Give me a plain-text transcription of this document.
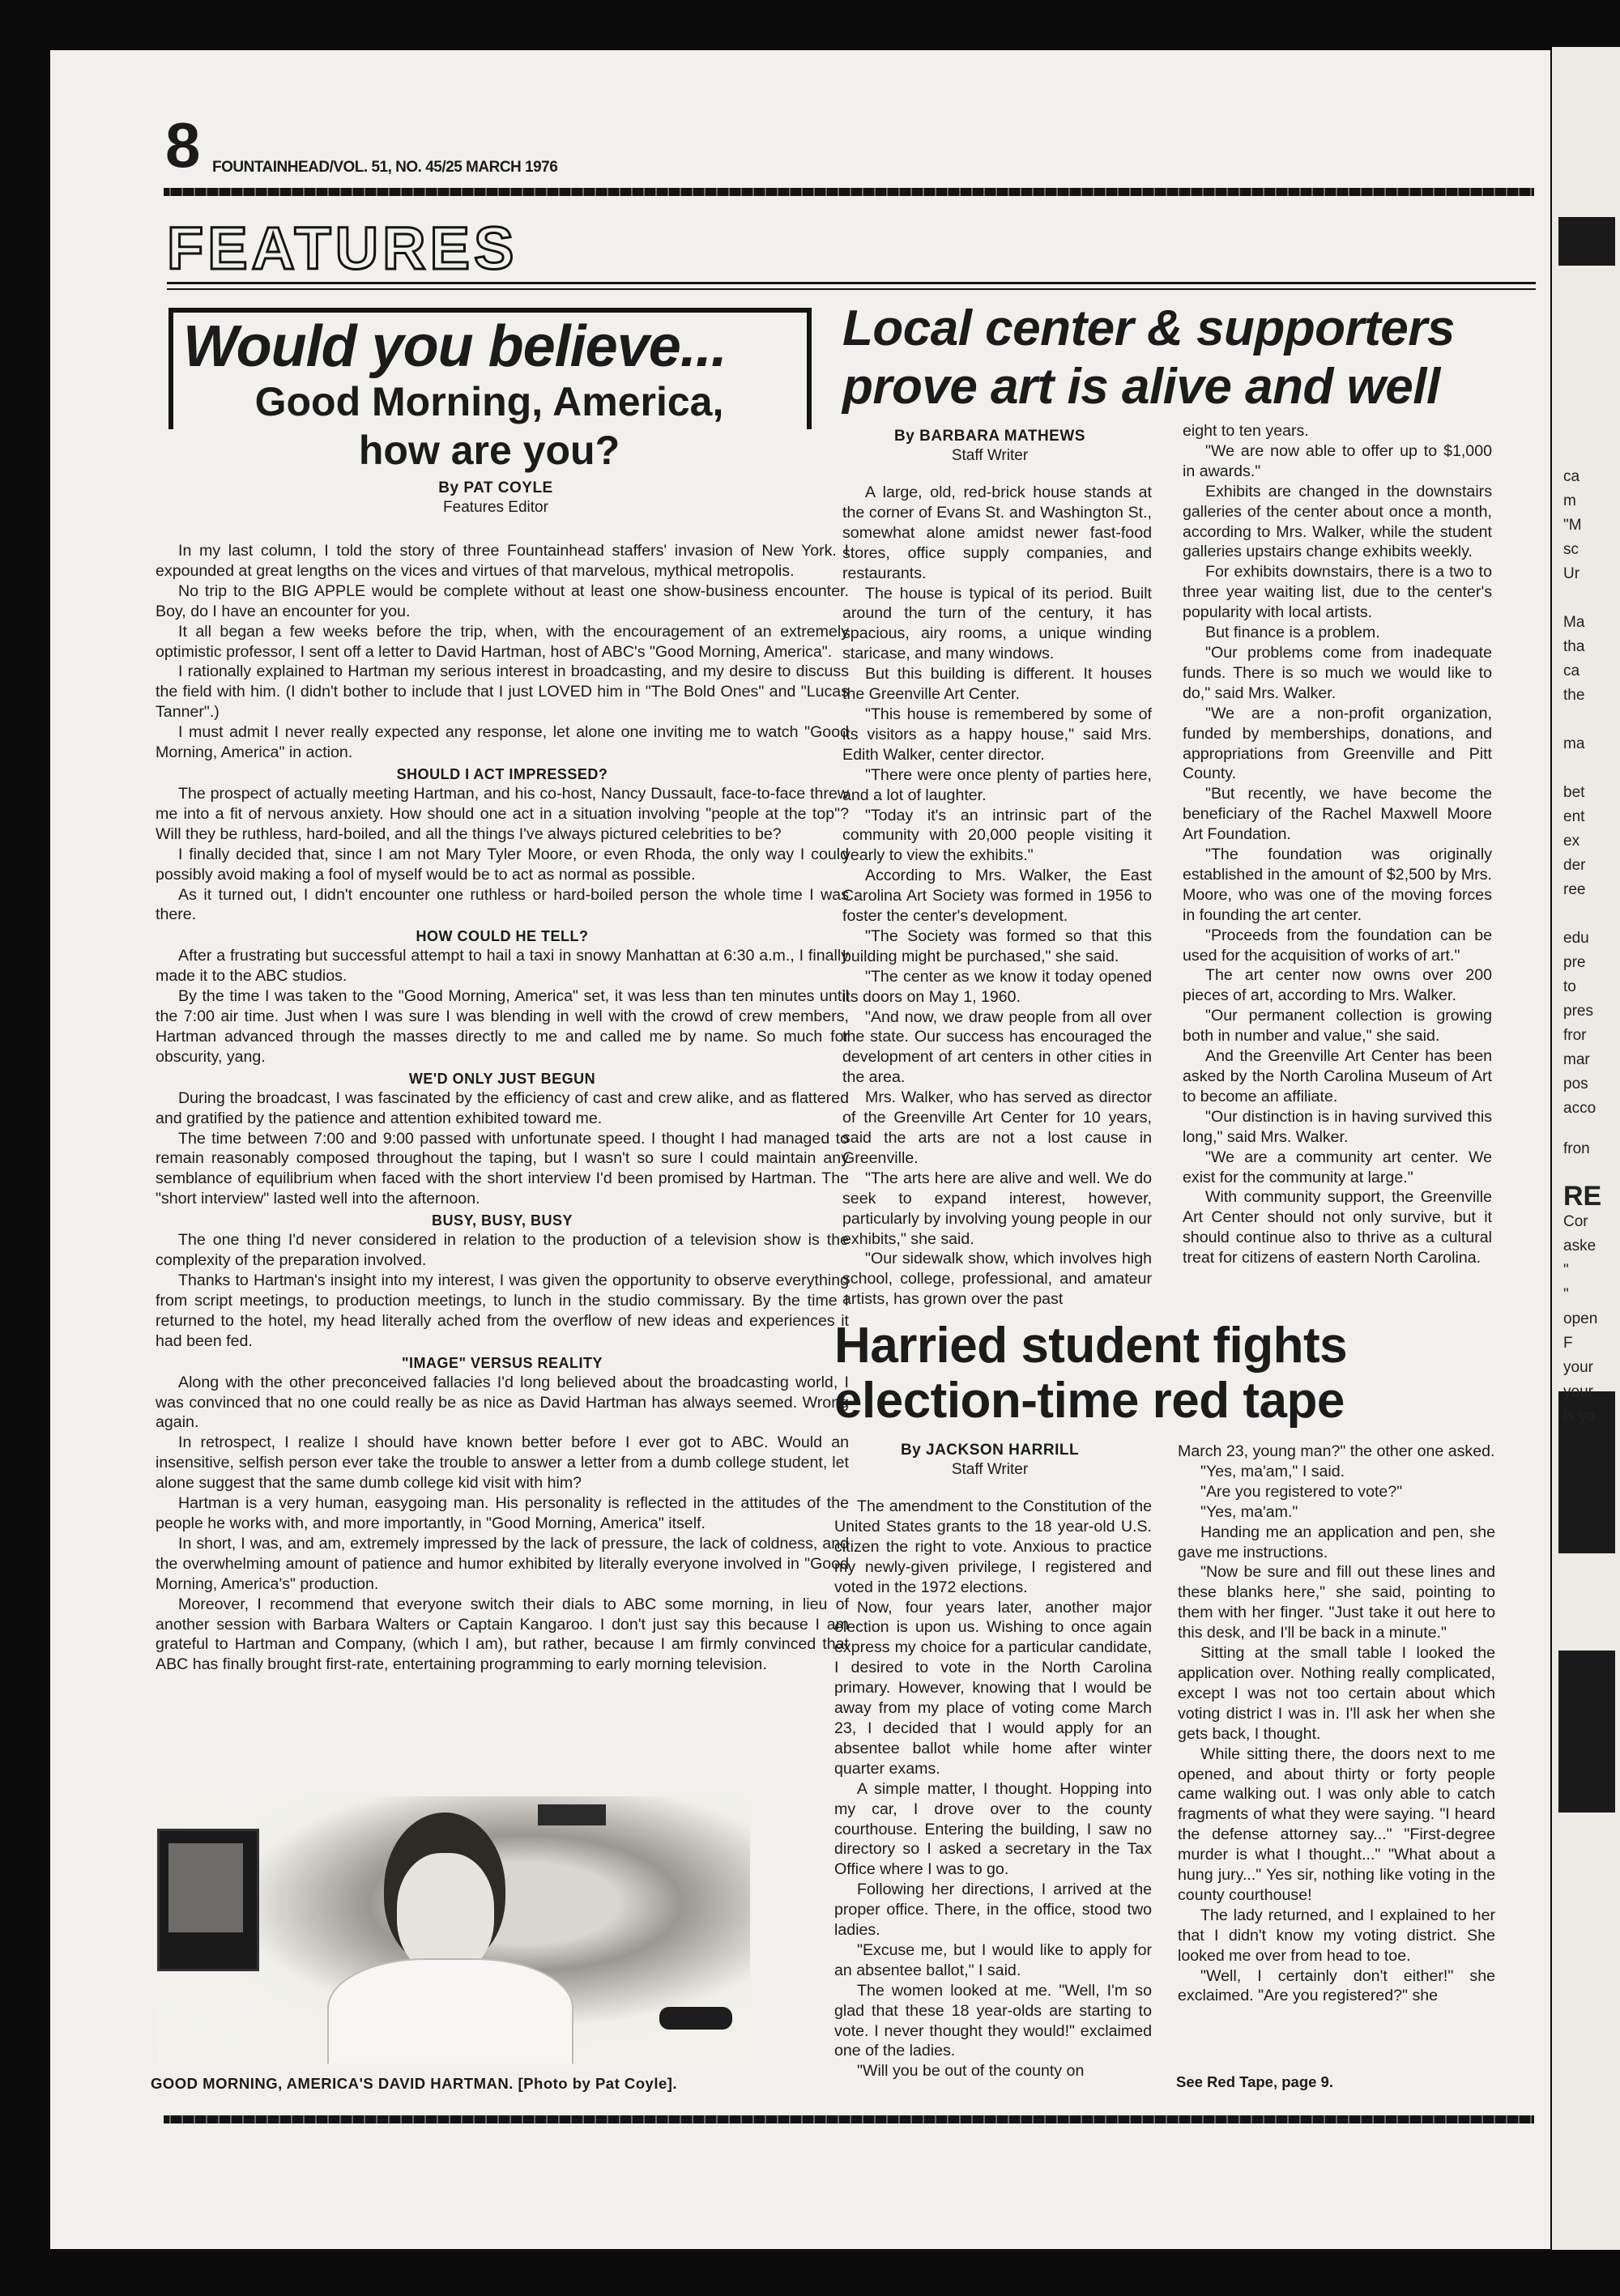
8 FOUNTAINHEAD/VOL. 51, NO. 45/25 MARCH 1976
FEATURES
Would you believe...
Good Morning, America, how are you?
By PAT COYLE
Features Editor

In my last column, I told the story of three Fountainhead staffers' invasion of New York. I expounded at great lengths on the vices and virtues of that marvelous, mythical metropolis.

No trip to the BIG APPLE would be complete without at least one show-business encounter. Boy, do I have an encounter for you.

It all began a few weeks before the trip, when, with the encouragement of an extremely optimistic professor, I sent off a letter to David Hartman, host of ABC's "Good Morning, America".

I rationally explained to Hartman my serious interest in broadcasting, and my desire to discuss the field with him. (I didn't bother to include that I just LOVED him in "The Bold Ones" and "Lucas Tanner".)

I must admit I never really expected any response, let alone one inviting me to watch "Good Morning, America" in action.

SHOULD I ACT IMPRESSED?

The prospect of actually meeting Hartman, and his co-host, Nancy Dussault, face-to-face threw me into a fit of nervous anxiety. How should one act in a situation involving "people at the top"? Will they be ruthless, hard-boiled, and all the things I've always pictured celebrities to be?

I finally decided that, since I am not Mary Tyler Moore, or even Rhoda, the only way I could possibly avoid making a fool of myself would be to act as normal as possible.

As it turned out, I didn't encounter one ruthless or hard-boiled person the whole time I was there.

HOW COULD HE TELL?

After a frustrating but successful attempt to hail a taxi in snowy Manhattan at 6:30 a.m., I finally made it to the ABC studios.

By the time I was taken to the "Good Morning, America" set, it was less than ten minutes until the 7:00 air time. Just when I was sure I was blending in well with the crowd of crew members, Hartman advanced through the masses directly to me and called me by name. So much for obscurity, yang.

WE'D ONLY JUST BEGUN

During the broadcast, I was fascinated by the efficiency of cast and crew alike, and as flattered and gratified by the patience and attention exhibited toward me.

The time between 7:00 and 9:00 passed with unfortunate speed. I thought I had managed to remain reasonably composed throughout the taping, but I wasn't so sure I could maintain any semblance of equilibrium when faced with the short interview I'd been promised by Hartman. The "short interview" lasted well into the afternoon.

BUSY, BUSY, BUSY

The one thing I'd never considered in relation to the production of a television show is the complexity of the preparation involved.

Thanks to Hartman's insight into my interest, I was given the opportunity to observe everything from script meetings, to production meetings, to lunch in the studio commissary. By the time I returned to the hotel, my head literally ached from the overflow of new ideas and experiences it had been fed.

"IMAGE" VERSUS REALITY

Along with the other preconceived fallacies I'd long believed about the broadcasting world, I was convinced that no one could really be as nice as David Hartman has always seemed. Wrong again.

In retrospect, I realize I should have known better before I ever got to ABC. Would an insensitive, selfish person ever take the trouble to answer a letter from a dumb college student, let alone suggest that the same dumb college kid visit with him?

Hartman is a very human, easygoing man. His personality is reflected in the attitudes of the people he works with, and more importantly, in "Good Morning, America" itself.

In short, I was, and am, extremely impressed by the lack of pressure, the lack of coldness, and the overwhelming amount of patience and humor exhibited by literally everyone involved in "Good Morning, America's" production.

Moreover, I recommend that everyone switch their dials to ABC some morning, in lieu of another session with Barbara Walters or Captain Kangaroo. I don't just say this because I am grateful to Hartman and Company, (which I am), but rather, because I am firmly convinced that ABC has finally brought first-rate, entertaining programming to early morning television.

GOOD MORNING, AMERICA'S DAVID HARTMAN. [Photo by Pat Coyle].
Local center & supporters
prove art is alive and well
By BARBARA MATHEWS
Staff Writer

A large, old, red-brick house stands at the corner of Evans St. and Washington St., somewhat alone amidst newer fast-food stores, office supply companies, and restaurants.

The house is typical of its period. Built around the turn of the century, it has spacious, airy rooms, a unique winding staricase, and many windows.

But this building is different. It houses the Greenville Art Center.

"This house is remembered by some of its visitors as a happy house," said Mrs. Edith Walker, center director.

"There were once plenty of parties here, and a lot of laughter.

"Today it's an intrinsic part of the community with 20,000 people visiting it yearly to view the exhibits."

According to Mrs. Walker, the East Carolina Art Society was formed in 1956 to foster the center's development.

"The Society was formed so that this building might be purchased," she said.

"The center as we know it today opened its doors on May 1, 1960.

"And now, we draw people from all over the state. Our success has encouraged the development of art centers in other cities in the area.

Mrs. Walker, who has served as director of the Greenville Art Center for 10 years, said the arts are not a lost cause in Greenville.

"The arts here are alive and well. We do seek to expand interest, however, particularly by involving young people in our exhibits," she said.

"Our sidewalk show, which involves high school, college, professional, and amateur artists, has grown over the past

eight to ten years.

"We are now able to offer up to $1,000 in awards."

Exhibits are changed in the downstairs galleries of the center about once a month, according to Mrs. Walker, while the student galleries upstairs change exhibits weekly.

For exhibits downstairs, there is a two to three year waiting list, due to the center's popularity with local artists.

But finance is a problem.

"Our problems come from inadequate funds. There is so much we would like to do," said Mrs. Walker.

"We are a non-profit organization, funded by memberships, donations, and appropriations from Greenville and Pitt County.

"But recently, we have become the beneficiary of the Rachel Maxwell Moore Art Foundation.

"The foundation was originally established in the amount of $2,500 by Mrs. Moore, who was one of the moving forces in founding the art center.

"Proceeds from the foundation can be used for the acquisition of works of art."

The art center now owns over 200 pieces of art, according to Mrs. Walker.

"Our permanent collection is growing both in number and value," she said.

And the Greenville Art Center has been asked by the North Carolina Museum of Art to become an affiliate.

"Our distinction is in having survived this long," said Mrs. Walker.

"We are a community art center. We exist for the community at large."

With community support, the Greenville Art Center should not only survive, but it should continue also to thrive as a cultural treat for citizens of eastern North Carolina.

Harried student fights
election-time red tape
By JACKSON HARRILL
Staff Writer

The amendment to the Constitution of the United States grants to the 18 year-old U.S. citizen the right to vote. Anxious to practice my newly-given privilege, I registered and voted in the 1972 elections.

Now, four years later, another major election is upon us. Wishing to once again express my choice for a particular candidate, I desired to vote in the North Carolina primary. However, knowing that I would be away from my place of voting come March 23, I decided that I would apply for an absentee ballot while home after winter quarter exams.

A simple matter, I thought. Hopping into my car, I drove over to the county courthouse. Entering the building, I saw no directory so I asked a secretary in the Tax Office where I was to go.

Following her directions, I arrived at the proper office. There, in the office, stood two ladies.

"Excuse me, but I would like to apply for an absentee ballot," I said.

The women looked at me. "Well, I'm so glad that these 18 year-olds are starting to vote. I never thought they would!" exclaimed one of the ladies.

"Will you be out of the county on

March 23, young man?" the other one asked.

"Yes, ma'am," I said.

"Are you registered to vote?"

"Yes, ma'am."

Handing me an application and pen, she gave me instructions.

"Now be sure and fill out these lines and these blanks here," she said, pointing to them with her finger. "Just take it out here to this desk, and I'll be back in a minute."

Sitting at the small table I looked the application over. Nothing really complicated, except I was not too certain about which voting district I was in. I'll ask her when she gets back, I thought.

While sitting there, the doors next to me opened, and about thirty or forty people came walking out. I was only able to catch fragments of what they were saying. "I heard the defense attorney say..." "First-degree murder is what I thought..." "What about a hung jury..." Yes sir, nothing like voting in the county courthouse!

The lady returned, and I explained to her that I didn't know my voting district. She looked me over from head to toe.

"Well, I certainly don't either!" she exclaimed. "Are you registered?" she

See Red Tape, page 9.
ca
m
"M
sc
Ur
Ma
tha
ca
the
ma
bet
ent
ex
der
ree
edu
pre
to
pres
fror
mar
pos
acco
fron
RE
Cor
aske
"
"
open
F
your
your
is yo
